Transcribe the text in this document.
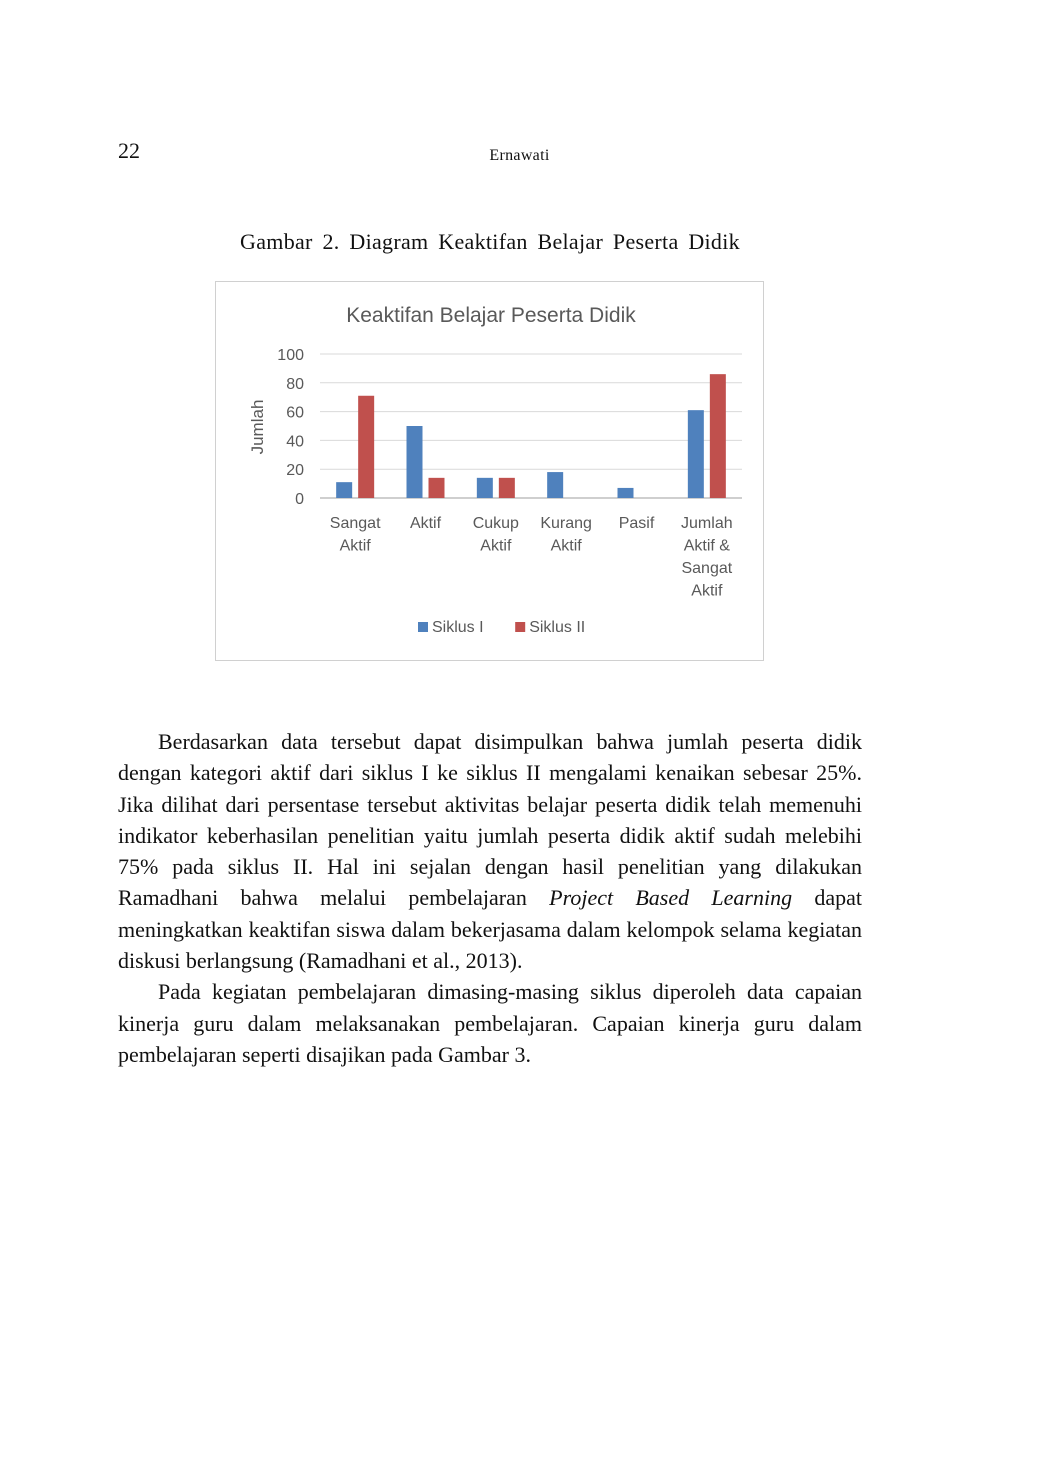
22	Ernawati
Gambar 2. Diagram Keaktifan Belajar Peserta Didik
Keaktifan Belajar Peserta Didik
Jumlah
0
20
40
60
80
100
Sangat
Aktif
Aktif Cukup
Aktif
Kurang
Aktif
Pasif Jumlah
Aktif &
Sangat
Aktif
Siklus I	Siklus II

Berdasarkan data tersebut dapat disimpulkan bahwa jumlah peserta didik dengan kategori aktif dari siklus I ke siklus II mengalami kenaikan sebesar 25%. Jika dilihat dari persentase tersebut aktivitas belajar peserta didik telah memenuhi indikator keberhasilan penelitian yaitu jumlah peserta didik aktif sudah melebihi 75% pada siklus II. Hal ini sejalan dengan hasil penelitian yang dilakukan Ramadhani bahwa melalui pembelajaran Project Based Learning dapat meningkatkan keaktifan siswa dalam bekerjasama dalam kelompok selama kegiatan diskusi berlangsung (Ramadhani et al., 2013).

Pada kegiatan pembelajaran dimasing-masing siklus diperoleh data capaian kinerja guru dalam melaksanakan pembelajaran. Capaian kinerja guru dalam pembelajaran seperti disajikan pada Gambar 3.
